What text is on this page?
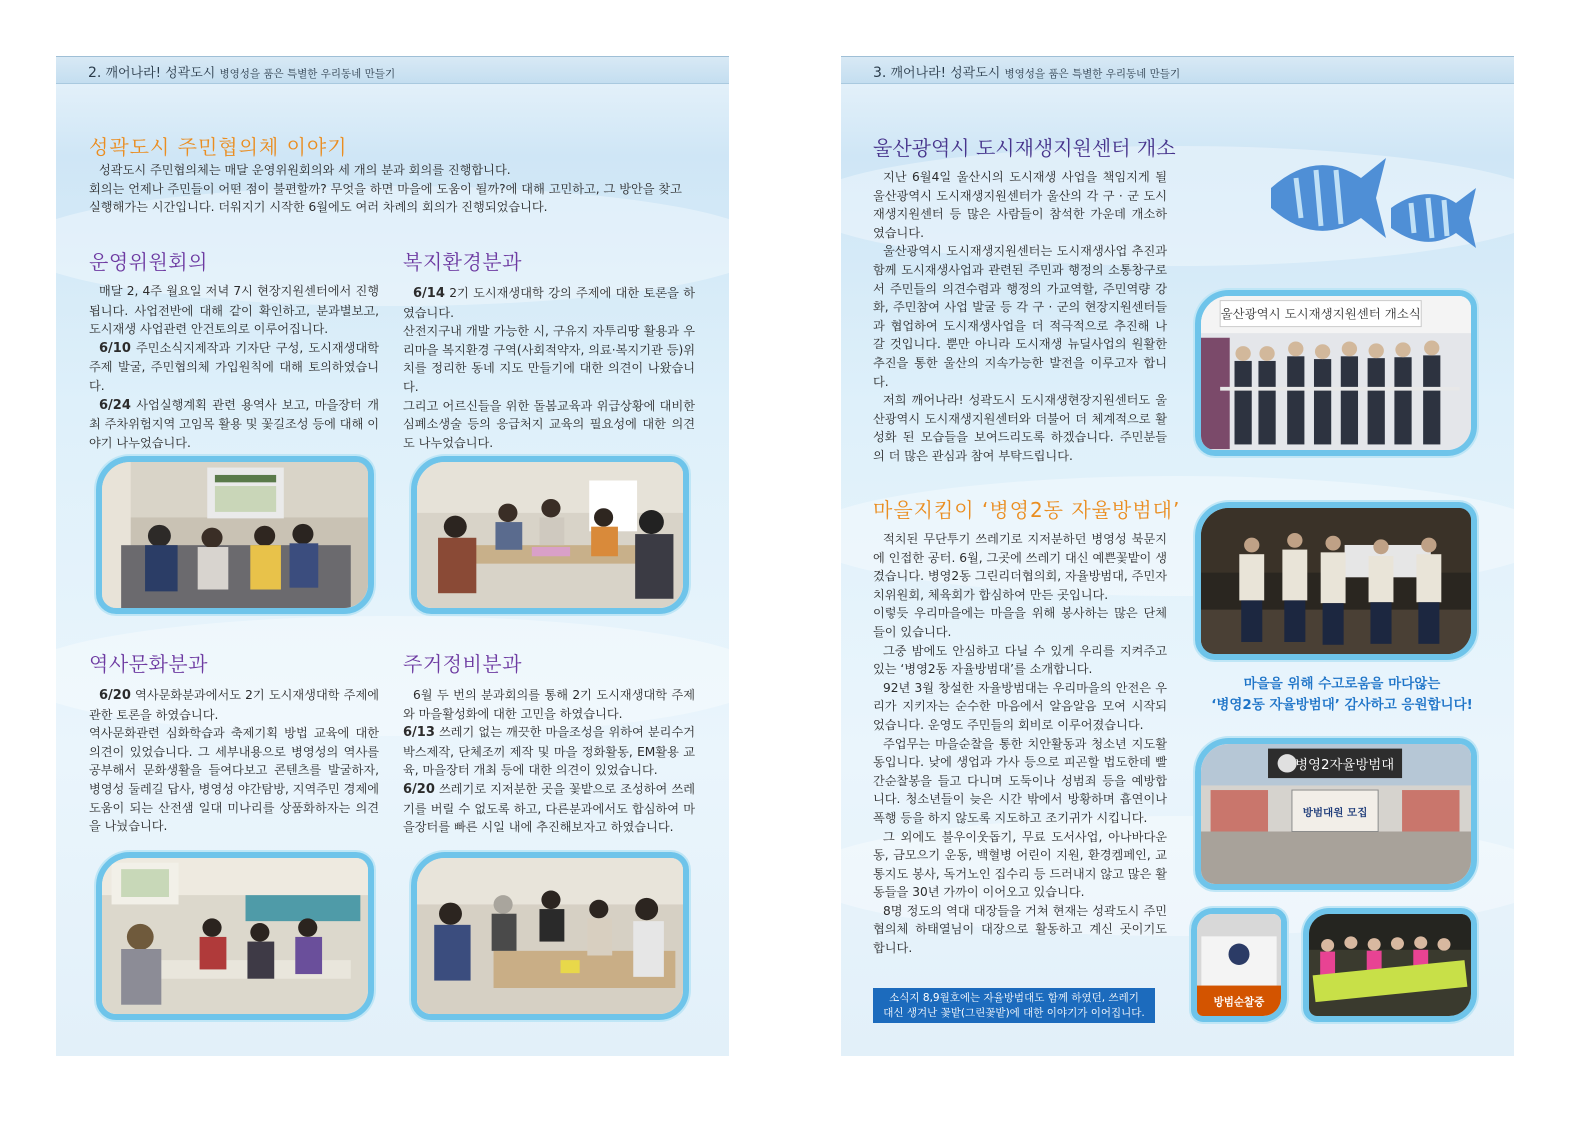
2. 깨어나라! 성곽도시 병영성을 품은 특별한 우리동네 만들기
성곽도시 주민협의체 이야기
성곽도시 주민협의체는 매달 운영위원회의와 세 개의 분과 회의를 진행합니다.
회의는 언제나 주민들이 어떤 점이 불편할까? 무엇을 하면 마을에 도움이 될까?에 대해 고민하고, 그 방안을 찾고
실행해가는 시간입니다. 더워지기 시작한 6월에도 여러 차례의 회의가 진행되었습니다.
운영위원회의

매달 2, 4주 월요일 저녁 7시 현장지원센터에서 진행됩니다. 사업전반에 대해 같이 확인하고, 분과별보고, 도시재생 사업관련 안건토의로 이루어집니다.

6/10 주민소식지제작과 기자단 구성, 도시재생대학 주제 발굴, 주민협의체 가입원칙에 대해 토의하였습니다.

6/24 사업실행계획 관련 용역사 보고, 마을장터 개최 주차위험지역 고임목 활용 및 꽃길조성 등에 대해 이야기 나누었습니다.

복지환경분과

6/14 2기 도시재생대학 강의 주제에 대한 토론을 하였습니다.

산전지구내 개발 가능한 시, 구유지 자투리땅 활용과 우리마을 복지환경 구역(사회적약자, 의료·복지기관 등)위치를 정리한 동네 지도 만들기에 대한 의견이 나왔습니다.

그리고 어르신들을 위한 돌봄교육과 위급상황에 대비한 심폐소생술 등의 응급처지 교육의 필요성에 대한 의견도 나누었습니다.

역사문화분과

6/20 역사문화분과에서도 2기 도시재생대학 주제에 관한 토론을 하였습니다.

역사문화관련 심화학습과 축제기획 방법 교육에 대한 의견이 있었습니다. 그 세부내용으로 병영성의 역사를 공부해서 문화생활을 들여다보고 콘텐츠를 발굴하자, 병영성 둘레길 답사, 병영성 야간탐방, 지역주민 경제에 도움이 되는 산전샘 일대 미나리를 상품화하자는 의견을 나눴습니다.

주거정비분과

6월 두 번의 분과회의를 통해 2기 도시재생대학 주제와 마을활성화에 대한 고민을 하였습니다.

6/13 쓰레기 없는 깨끗한 마을조성을 위하여 분리수거 박스제작, 단체조끼 제작 및 마을 정화활동, EM활용 교육, 마을장터 개최 등에 대한 의견이 있었습니다.

6/20 쓰레기로 지저분한 곳을 꽃밭으로 조성하여 쓰레기를 버릴 수 없도록 하고, 다른분과에서도 합심하여 마을장터를 빠른 시일 내에 추진해보자고 하였습니다.

3. 깨어나라! 성곽도시 병영성을 품은 특별한 우리동네 만들기
울산광역시 도시재생지원센터 개소

지난 6월4일 울산시의 도시재생 사업을 책임지게 될 울산광역시 도시재생지원센터가 울산의 각 구 · 군 도시재생지원센터 등 많은 사람들이 참석한 가운데 개소하였습니다.

울산광역시 도시재생지원센터는 도시재생사업 추진과 함께 도시재생사업과 관련된 주민과 행정의 소통창구로서 주민들의 의견수렴과 행정의 가교역할, 주민역량 강화, 주민참여 사업 발굴 등 각 구 · 군의 현장지원센터들과 협업하여 도시재생사업을 더 적극적으로 추진해 나갈 것입니다. 뿐만 아니라 도시재생 뉴딜사업의 원활한 추진을 통한 울산의 지속가능한 발전을 이루고자 합니다.

저희 깨어나라! 성곽도시 도시재생현장지원센터도 울산광역시 도시재생지원센터와 더불어 더 체계적으로 활성화 된 모습들을 보여드리도록 하겠습니다. 주민분들의 더 많은 관심과 참여 부탁드립니다.

울산광역시 도시재생지원센터 개소식
마을지킴이 ‘병영2동 자율방범대’

적치된 무단투기 쓰레기로 지저분하던 병영성 북문지에 인접한 공터. 6월, 그곳에 쓰레기 대신 예쁜꽃밭이 생겼습니다. 병영2동 그린리더협의회, 자율방범대, 주민자치위원회, 체육회가 합심하여 만든 곳입니다.

이렇듯 우리마을에는 마을을 위해 봉사하는 많은 단체들이 있습니다.

그중 밤에도 안심하고 다닐 수 있게 우리를 지켜주고 있는 ‘병영2동 자율방범대’를 소개합니다.

92년 3월 창설한 자율방범대는 우리마을의 안전은 우리가 지키자는 순수한 마음에서 알음알음 모여 시작되었습니다. 운영도 주민들의 회비로 이루어졌습니다.

주업무는 마을순찰을 통한 치안활동과 청소년 지도활동입니다. 낮에 생업과 가사 등으로 피곤할 법도한데 빨간순찰봉을 들고 다니며 도둑이나 성범죄 등을 예방합니다. 청소년들이 늦은 시간 밖에서 방황하며 흡연이나 폭행 등을 하지 않도록 지도하고 조기귀가 시킵니다.

그 외에도 불우이웃돕기, 무료 도서사업, 아나바다운동, 금모으기 운동, 백혈병 어린이 지원, 환경켐페인, 교통지도 봉사, 독거노인 집수리 등 드러내지 않고 많은 활동들을 30년 가까이 이어오고 있습니다.

8명 정도의 역대 대장들을 거쳐 현재는 성곽도시 주민협의체 하태열님이 대장으로 활동하고 계신 곳이기도 합니다.

소식지 8,9월호에는 자율방범대도 함께 하였던, 쓰레기
대신 생겨난 꽃밭(그린꽃밭)에 대한 이야기가 이어집니다.
마을을 위해 수고로움을 마다않는
‘병영2동 자율방범대’ 감사하고 응원합니다!
병영2자율방범대
방범대원 모집
방범순찰중
